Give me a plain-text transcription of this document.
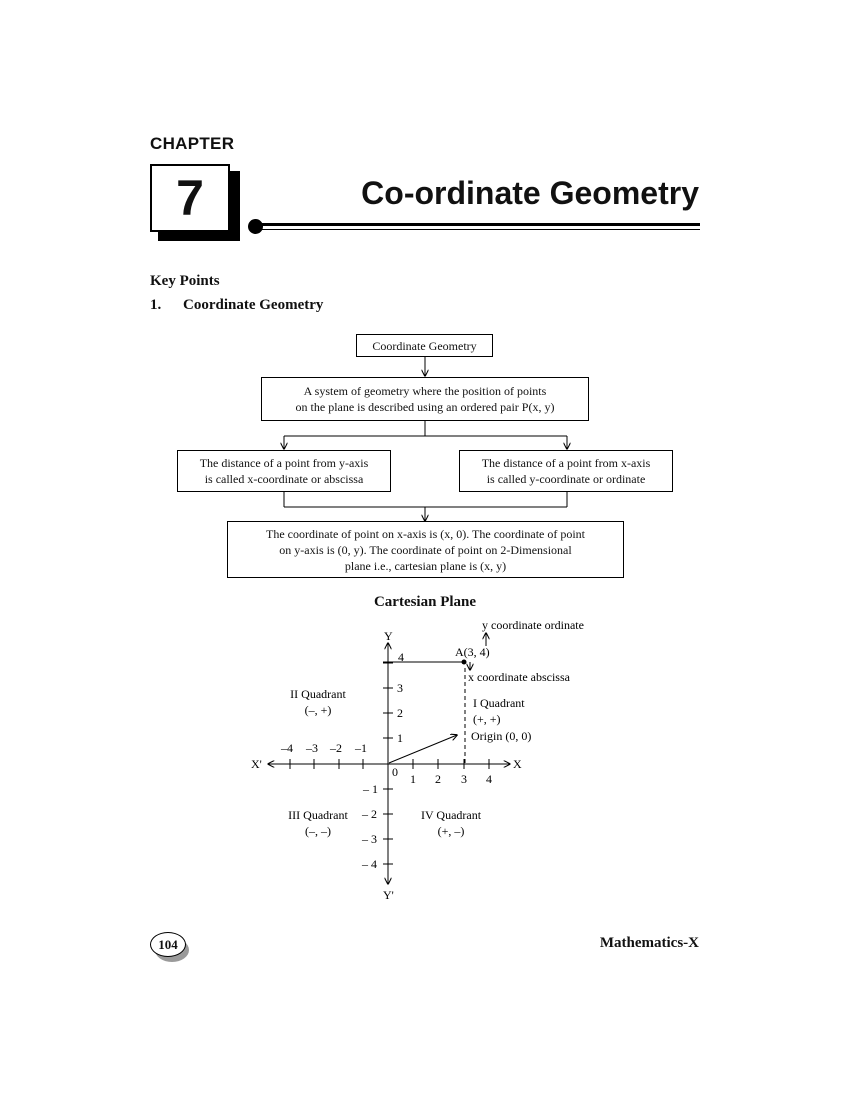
CHAPTER
7	Co-ordinate Geometry
Key Points
1. Coordinate Geometry
Coordinate Geometry
A system of geometry where the position of points
on the plane is described using an ordered pair P(x, y)
The distance of a point from y-axis
is called x-coordinate or abscissa
The distance of a point from x-axis
is called y-coordinate or ordinate
The coordinate of point on x-axis is (x, 0). The coordinate of point
on y-axis is (0, y). The coordinate of point on 2-Dimensional
plane i.e., cartesian plane is (x, y)
Cartesian Plane
Y
Y'
X
X'
0 1 2 3 4
–4 –3 –2 –1
4
3
2
1
– 1
– 2
– 3
– 4
A(3, 4)
y coordinate ordinate
x coordinate abscissa
I Quadrant
(+, +)
Origin (0, 0)
II Quadrant
(–, +)
III Quadrant
(–, –)
IV Quadrant
(+, –)
104	Mathematics-X
